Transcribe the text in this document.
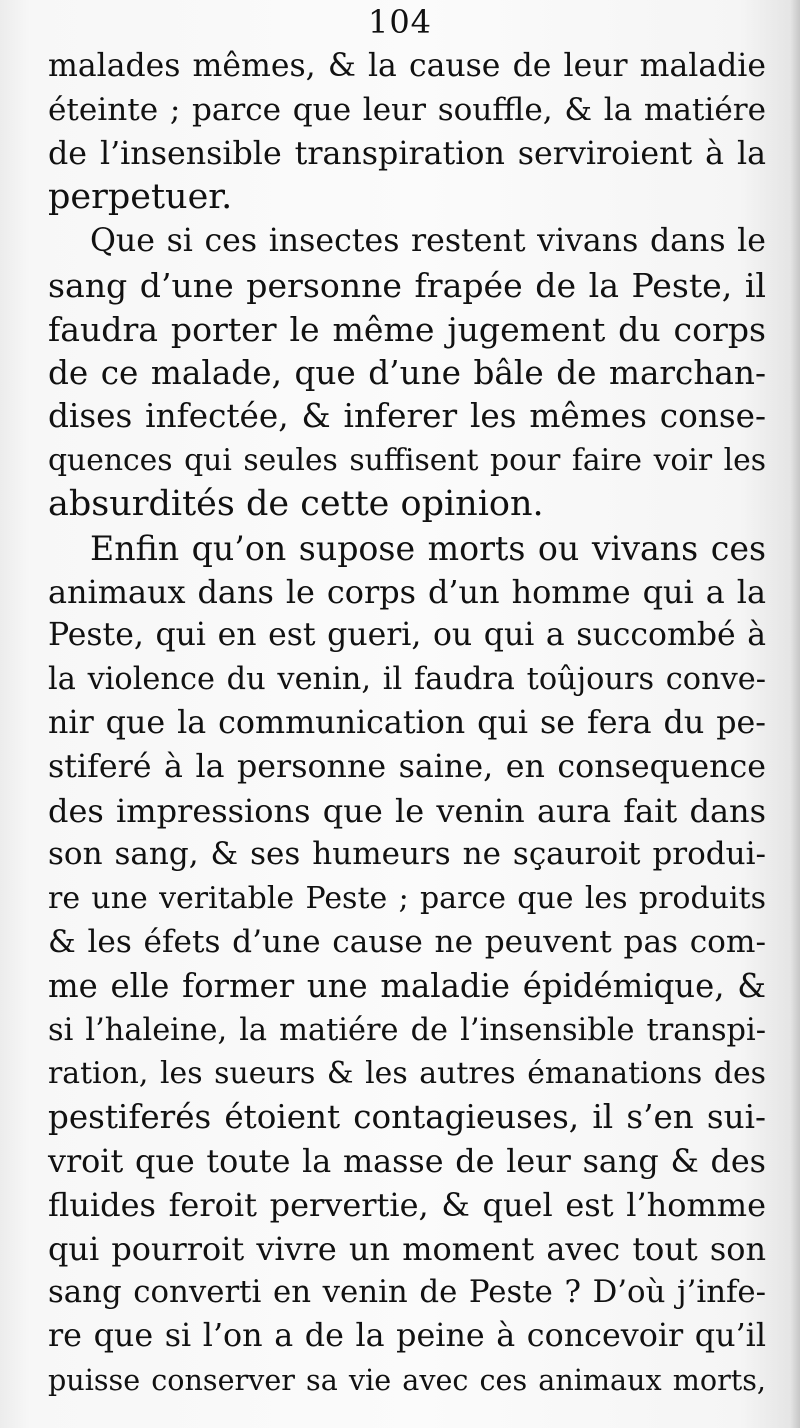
104
malades mêmes, & la cause de leur maladie
éteinte ; parce que leur souffle, & la matiére
de l’insensible transpiration serviroient à la
perpetuer.
Que si ces insectes restent vivans dans le
sang d’une personne frapée de la Peste, il
faudra porter le même jugement du corps
de ce malade, que d’une bâle de marchan-
dises infectée, & inferer les mêmes conse-
quences qui seules suffisent pour faire voir les
absurdités de cette opinion.
Enfin qu’on supose morts ou vivans ces
animaux dans le corps d’un homme qui a la
Peste, qui en est gueri, ou qui a succombé à
la violence du venin, il faudra toûjours conve-
nir que la communication qui se fera du pe-
stiferé à la personne saine, en consequence
des impressions que le venin aura fait dans
son sang, & ses humeurs ne sçauroit produi-
re une veritable Peste ; parce que les produits
& les éfets d’une cause ne peuvent pas com-
me elle former une maladie épidémique, &
si l’haleine, la matiére de l’insensible transpi-
ration, les sueurs & les autres émanations des
pestiferés étoient contagieuses, il s’en sui-
vroit que toute la masse de leur sang & des
fluides feroit pervertie, & quel est l’homme
qui pourroit vivre un moment avec tout son
sang converti en venin de Peste ? D’où j’infe-
re que si l’on a de la peine à concevoir qu’il
puisse conserver sa vie avec ces animaux morts,
